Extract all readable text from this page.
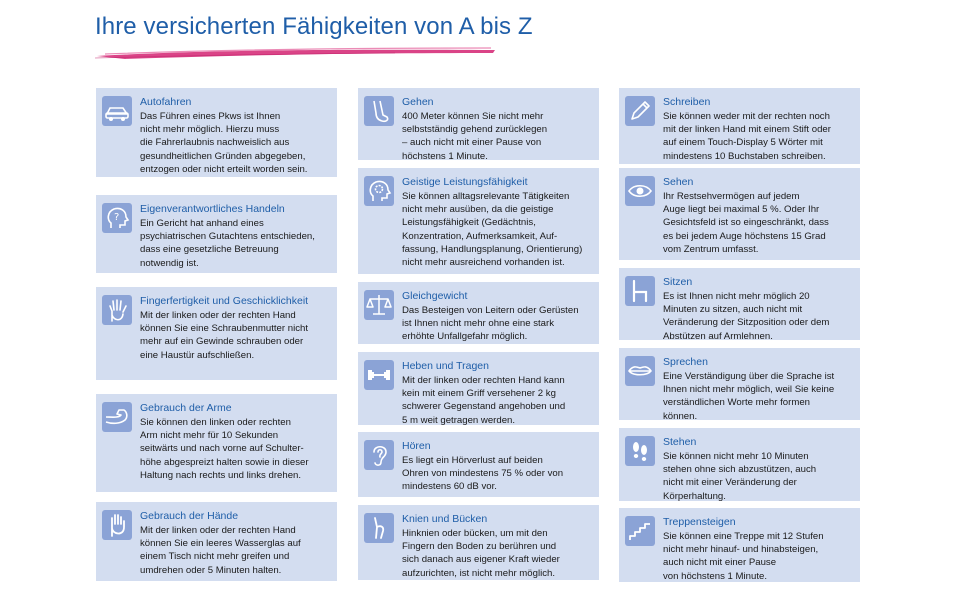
Ihre versicherten Fähigkeiten von A bis Z
Autofahren
Das Führen eines Pkws ist Ihnen
nicht mehr möglich. Hierzu muss
die Fahrerlaubnis nachweislich aus
gesundheitlichen Gründen abgegeben,
entzogen oder nicht erteilt worden sein.
?
Eigenverantwortliches Handeln
Ein Gericht hat anhand eines
psychiatrischen Gutachtens entschieden,
dass eine gesetzliche Betreuung
notwendig ist.
Fingerfertigkeit und Geschicklichkeit
Mit der linken oder der rechten Hand
können Sie eine Schraubenmutter nicht
mehr auf ein Gewinde schrauben oder
eine Haustür aufschließen.
Gebrauch der Arme
Sie können den linken oder rechten
Arm nicht mehr für 10 Sekunden
seitwärts und nach vorne auf Schulter-
höhe abgespreizt halten sowie in dieser
Haltung nach rechts und links drehen.
Gebrauch der Hände
Mit der linken oder der rechten Hand
können Sie ein leeres Wasserglas auf
einem Tisch nicht mehr greifen und
umdrehen oder 5 Minuten halten.
Gehen
400 Meter können Sie nicht mehr
selbstständig gehend zurücklegen
– auch nicht mit einer Pause von
höchstens 1 Minute.
Geistige Leistungsfähigkeit
Sie können alltagsrelevante Tätigkeiten
nicht mehr ausüben, da die geistige
Leistungsfähigkeit (Gedächtnis,
Konzentration, Aufmerksamkeit, Auf-
fassung, Handlungsplanung, Orientierung)
nicht mehr ausreichend vorhanden ist.
Gleichgewicht
Das Besteigen von Leitern oder Gerüsten
ist Ihnen nicht mehr ohne eine stark
erhöhte Unfallgefahr möglich.
Heben und Tragen
Mit der linken oder rechten Hand kann
kein mit einem Griff versehener 2 kg
schwerer Gegenstand angehoben und
5 m weit getragen werden.
Hören
Es liegt ein Hörverlust auf beiden
Ohren von mindestens 75 % oder von
mindestens 60 dB vor.
Knien und Bücken
Hinknien oder bücken, um mit den
Fingern den Boden zu berühren und
sich danach aus eigener Kraft wieder
aufzurichten, ist nicht mehr möglich.
Schreiben
Sie können weder mit der rechten noch
mit der linken Hand mit einem Stift oder
auf einem Touch-Display 5 Wörter mit
mindestens 10 Buchstaben schreiben.
Sehen
Ihr Restsehvermögen auf jedem
Auge liegt bei maximal 5 %. Oder Ihr
Gesichtsfeld ist so eingeschränkt, dass
es bei jedem Auge höchstens 15 Grad
vom Zentrum umfasst.
Sitzen
Es ist Ihnen nicht mehr möglich 20
Minuten zu sitzen, auch nicht mit
Veränderung der Sitzposition oder dem
Abstützen auf Armlehnen.
Sprechen
Eine Verständigung über die Sprache ist
Ihnen nicht mehr möglich, weil Sie keine
verständlichen Worte mehr formen
können.
Stehen
Sie können nicht mehr 10 Minuten
stehen ohne sich abzustützen, auch
nicht mit einer Veränderung der
Körperhaltung.
Treppensteigen
Sie können eine Treppe mit 12 Stufen
nicht mehr hinauf- und hinabsteigen,
auch nicht mit einer Pause
von höchstens 1 Minute.
